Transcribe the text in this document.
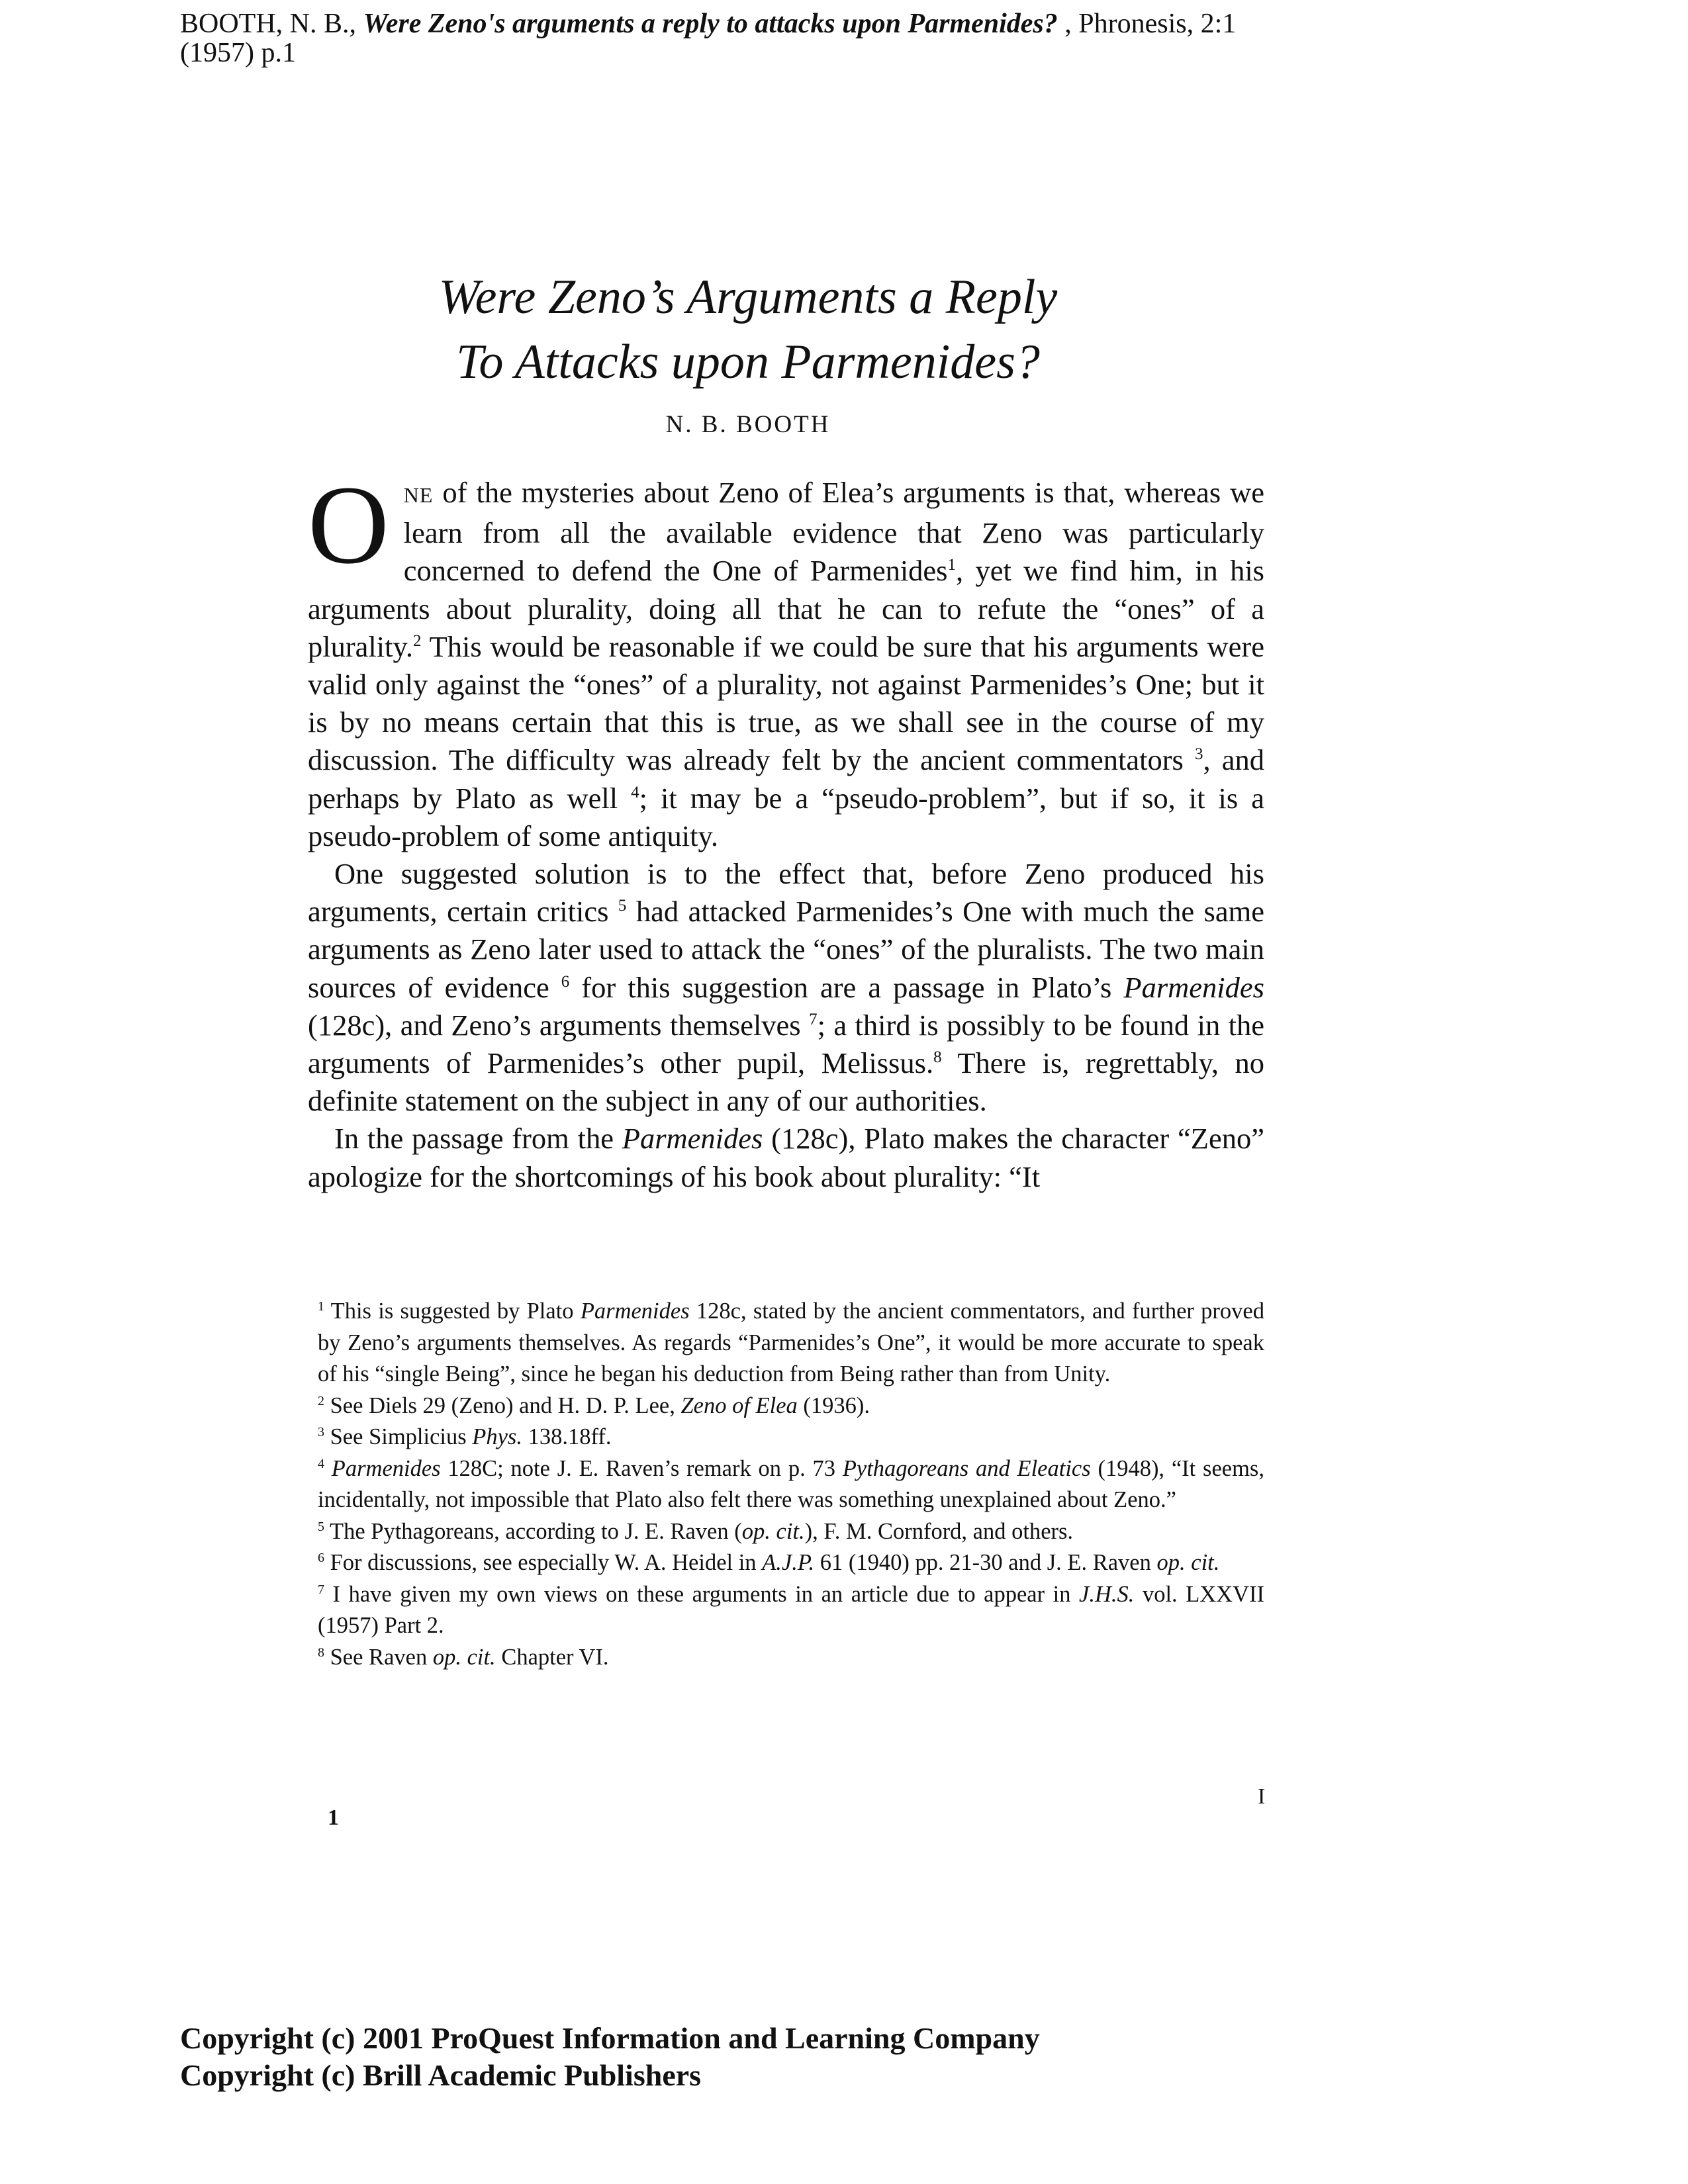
BOOTH, N. B., Were Zeno's arguments a reply to attacks upon Parmenides? , Phronesis, 2:1
(1957) p.1
Were Zeno’s Arguments a Reply
To Attacks upon Parmenides?
N. B. BOOTH

ONE of the mysteries about Zeno of Elea’s arguments is that, whereas we learn from all the available evidence that Zeno was particularly concerned to defend the One of Parmenides$^1$, yet we find him, in his arguments about plurality, doing all that he can to refute the “ones” of a plurality.$^2$ This would be reasonable if we could be sure that his arguments were valid only against the “ones” of a plurality, not against Parmenides’s One; but it is by no means certain that this is true, as we shall see in the course of my discussion. The difficulty was already felt by the ancient commentators $^3$, and perhaps by Plato as well $^4$; it may be a “pseudo-problem”, but if so, it is a pseudo-problem of some antiquity.

One suggested solution is to the effect that, before Zeno produced his arguments, certain critics $^5$ had attacked Parmenides’s One with much the same arguments as Zeno later used to attack the “ones” of the pluralists. The two main sources of evidence $^6$ for this suggestion are a passage in Plato’s Parmenides (128c), and Zeno’s arguments themselves $^7$; a third is possibly to be found in the arguments of Parmenides’s other pupil, Melissus.$^8$ There is, regrettably, no definite statement on the subject in any of our authorities.

In the passage from the Parmenides (128c), Plato makes the character “Zeno” apologize for the shortcomings of his book about plurality: “It

$^1$ This is suggested by Plato Parmenides 128c, stated by the ancient commentators, and further proved by Zeno’s arguments themselves. As regards “Parmenides’s One”, it would be more accurate to speak of his “single Being”, since he began his deduction from Being rather than from Unity.

$^2$ See Diels 29 (Zeno) and H. D. P. Lee, Zeno of Elea (1936).

$^3$ See Simplicius Phys. 138.18ff.

$^4$ Parmenides 128C; note J. E. Raven’s remark on p. 73 Pythagoreans and Eleatics (1948), “It seems, incidentally, not impossible that Plato also felt there was something unexplained about Zeno.”

$^5$ The Pythagoreans, according to J. E. Raven (op. cit.), F. M. Cornford, and others.

$^6$ For discussions, see especially W. A. Heidel in A.J.P. 61 (1940) pp. 21-30 and J. E. Raven op. cit.

$^7$ I have given my own views on these arguments in an article due to appear in J.H.S. vol. LXXVII (1957) Part 2.

$^8$ See Raven op. cit. Chapter VI.

I
1
Copyright (c) 2001 ProQuest Information and Learning Company
Copyright (c) Brill Academic Publishers
